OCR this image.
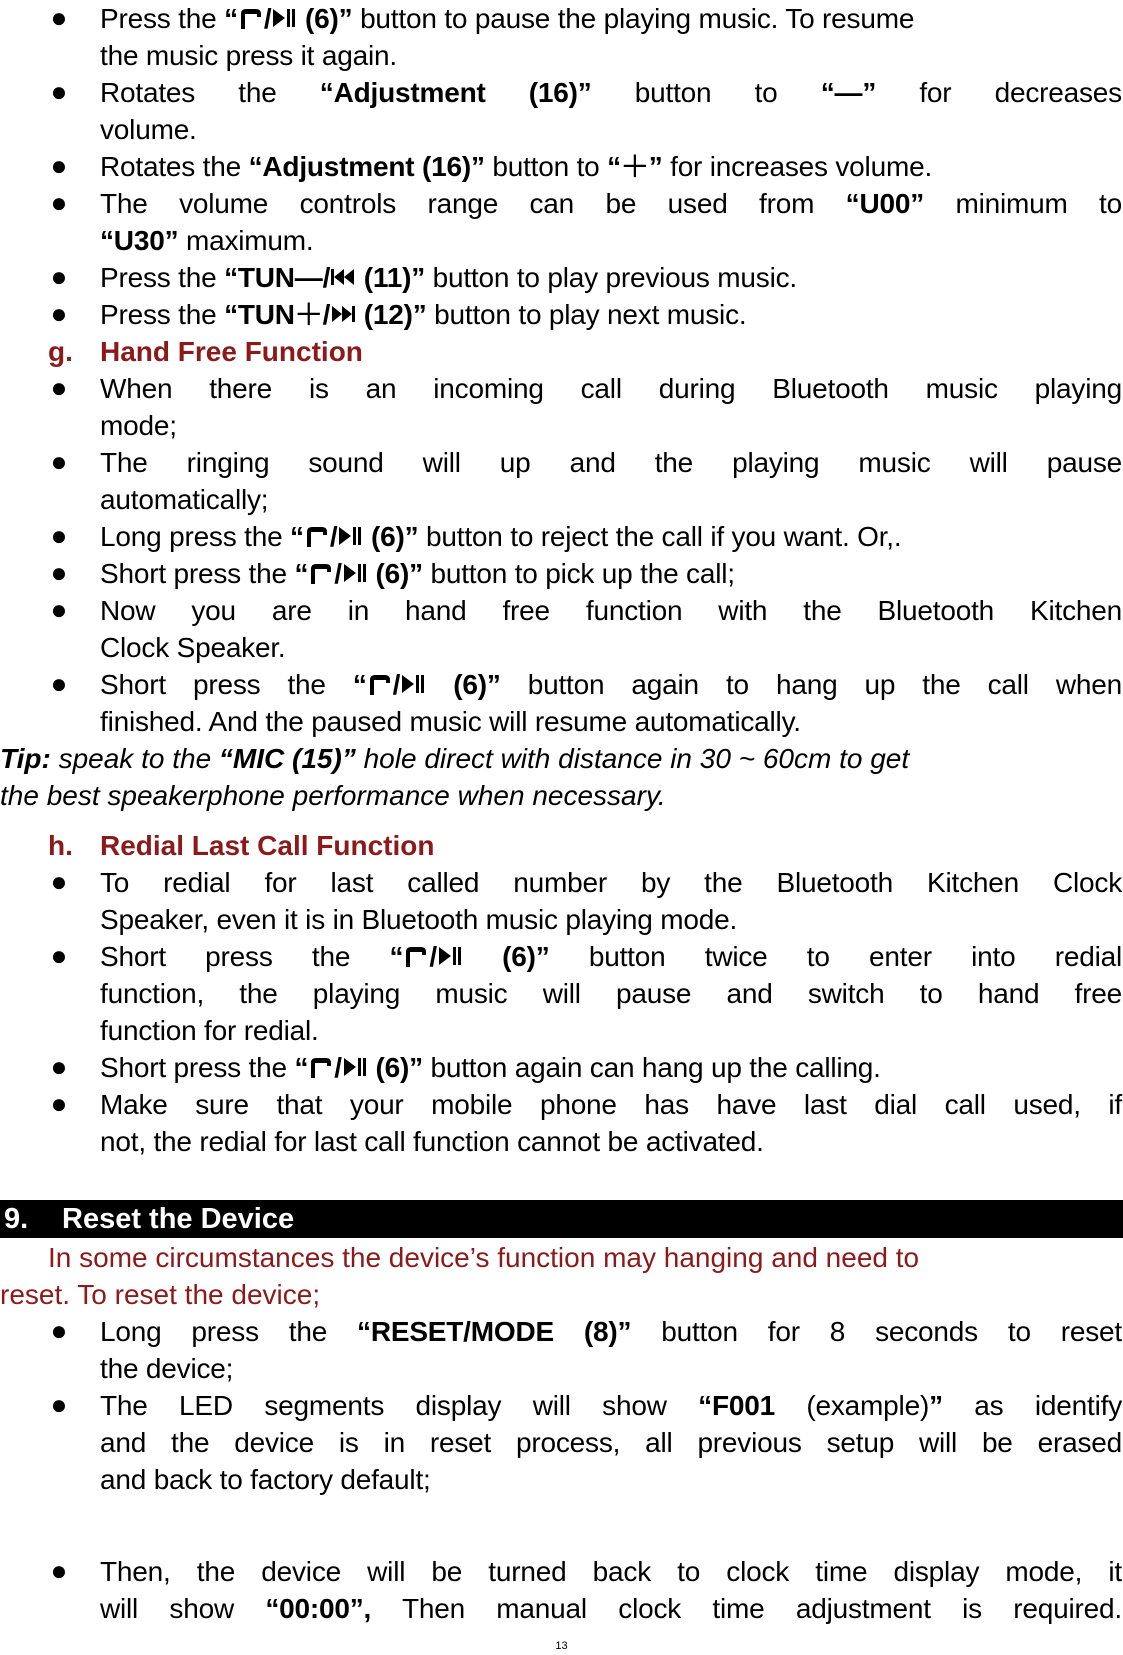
● Press the “ /
(6)” button to pause the playing music. To resume
the music press it again.
● Rotates the “Adjustment (16)” button to “—” for decreases
volume.
● Rotates the “Adjustment (16)” button to “＋” for increases volume.
● The volume controls range can be used from “U00” minimum to
“U30” maximum.
● Press the “TUN—/
(11)” button to play previous music.
● Press the “TUN＋/
(12)” button to play next music.
● When there is an incoming call during Bluetooth music playing
mode;
● The ringing sound will up and the playing music will pause
automatically;
● Long press the “ /
(6)” button to reject the call if you want. Or,.
● Short press the “ /
(6)” button to pick up the call;
● Now you are in hand free function with the Bluetooth Kitchen
Clock Speaker.
● Short press the “ /
(6)” button again to hang up the call when
finished. And the paused music will resume automatically.
● To redial for last called number by the Bluetooth Kitchen Clock
Speaker, even it is in Bluetooth music playing mode.
● Short press the “ /
(6)” button twice to enter into redial
function, the playing music will pause and switch to hand free
function for redial.
● Short press the “ /
(6)” button again can hang up the calling.
● Make sure that your mobile phone has have last dial call used, if
not, the redial for last call function cannot be activated.
● Long press the “RESET/MODE (8)” button for 8 seconds to reset
the device;
● The LED segments display will show “F001 (example)” as identify
and the device is in reset process, all previous setup will be erased
and back to factory default;
● Then, the device will be turned back to clock time display mode, it
will show “00:00”, Then manual clock time adjustment is required.
g. Hand Free Function
Tip: speak to the “MIC (15)” hole direct with distance in 30 ~ 60cm to get
the best speakerphone performance when necessary.
h. Redial Last Call Function
9. Reset the Device
In some circumstances the device’s function may hanging and need to
reset. To reset the device;
13
